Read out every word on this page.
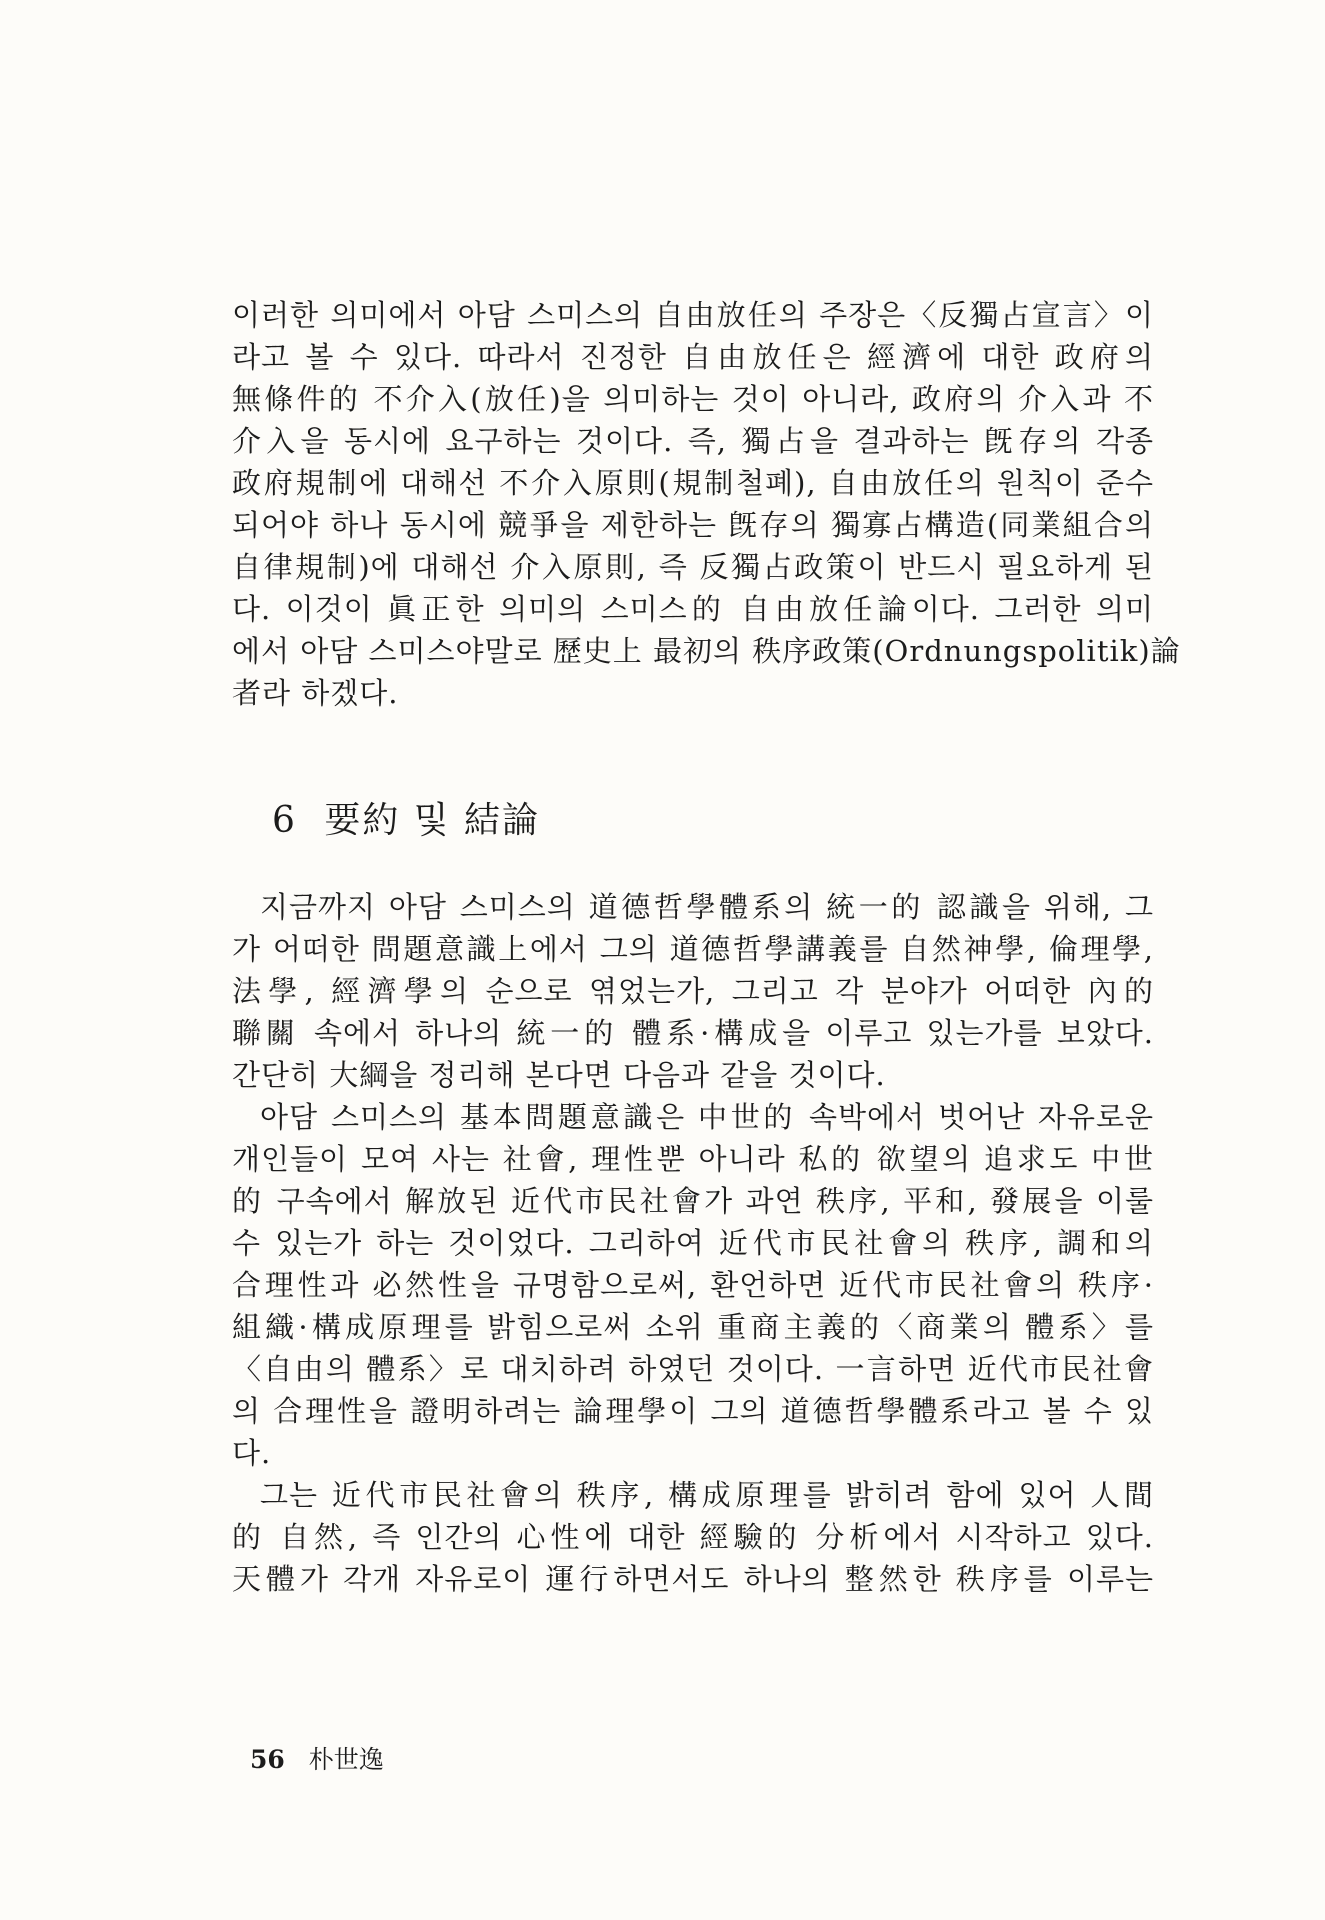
이러한 의미에서 아담 스미스의 自由放任의 주장은〈反獨占宣言〉이
라고 볼 수 있다. 따라서 진정한 自由放任은 經濟에 대한 政府의
無條件的 不介入(放任)을 의미하는 것이 아니라, 政府의 介入과 不
介入을 동시에 요구하는 것이다. 즉, 獨占을 결과하는 旣存의 각종
政府規制에 대해선 不介入原則(規制철폐), 自由放任의 원칙이 준수
되어야 하나 동시에 競爭을 제한하는 旣存의 獨寡占構造(同業組合의
自律規制)에 대해선 介入原則, 즉 反獨占政策이 반드시 필요하게 된
다. 이것이 眞正한 의미의 스미스的 自由放任論이다. 그러한 의미
에서 아담 스미스야말로 歷史上 最初의 秩序政策(Ordnungspolitik)論
者라 하겠다.
6 要約 및 結論
지금까지 아담 스미스의 道德哲學體系의 統一的 認識을 위해, 그
가 어떠한 問題意識上에서 그의 道德哲學講義를 自然神學, 倫理學,
法學, 經濟學의 순으로 엮었는가, 그리고 각 분야가 어떠한 內的
聯關 속에서 하나의 統一的 體系·構成을 이루고 있는가를 보았다.
간단히 大綱을 정리해 본다면 다음과 같을 것이다.
아담 스미스의 基本問題意識은 中世的 속박에서 벗어난 자유로운
개인들이 모여 사는 社會, 理性뿐 아니라 私的 欲望의 追求도 中世
的 구속에서 解放된 近代市民社會가 과연 秩序, 平和, 發展을 이룰
수 있는가 하는 것이었다. 그리하여 近代市民社會의 秩序, 調和의
合理性과 必然性을 규명함으로써, 환언하면 近代市民社會의 秩序·
組織·構成原理를 밝힘으로써 소위 重商主義的〈商業의 體系〉를
〈自由의 體系〉로 대치하려 하였던 것이다. 一言하면 近代市民社會
의 合理性을 證明하려는 論理學이 그의 道德哲學體系라고 볼 수 있
다.
그는 近代市民社會의 秩序, 構成原理를 밝히려 함에 있어 人間
的 自然, 즉 인간의 心性에 대한 經驗的 分析에서 시작하고 있다.
天體가 각개 자유로이 運行하면서도 하나의 整然한 秩序를 이루는
56 朴世逸
